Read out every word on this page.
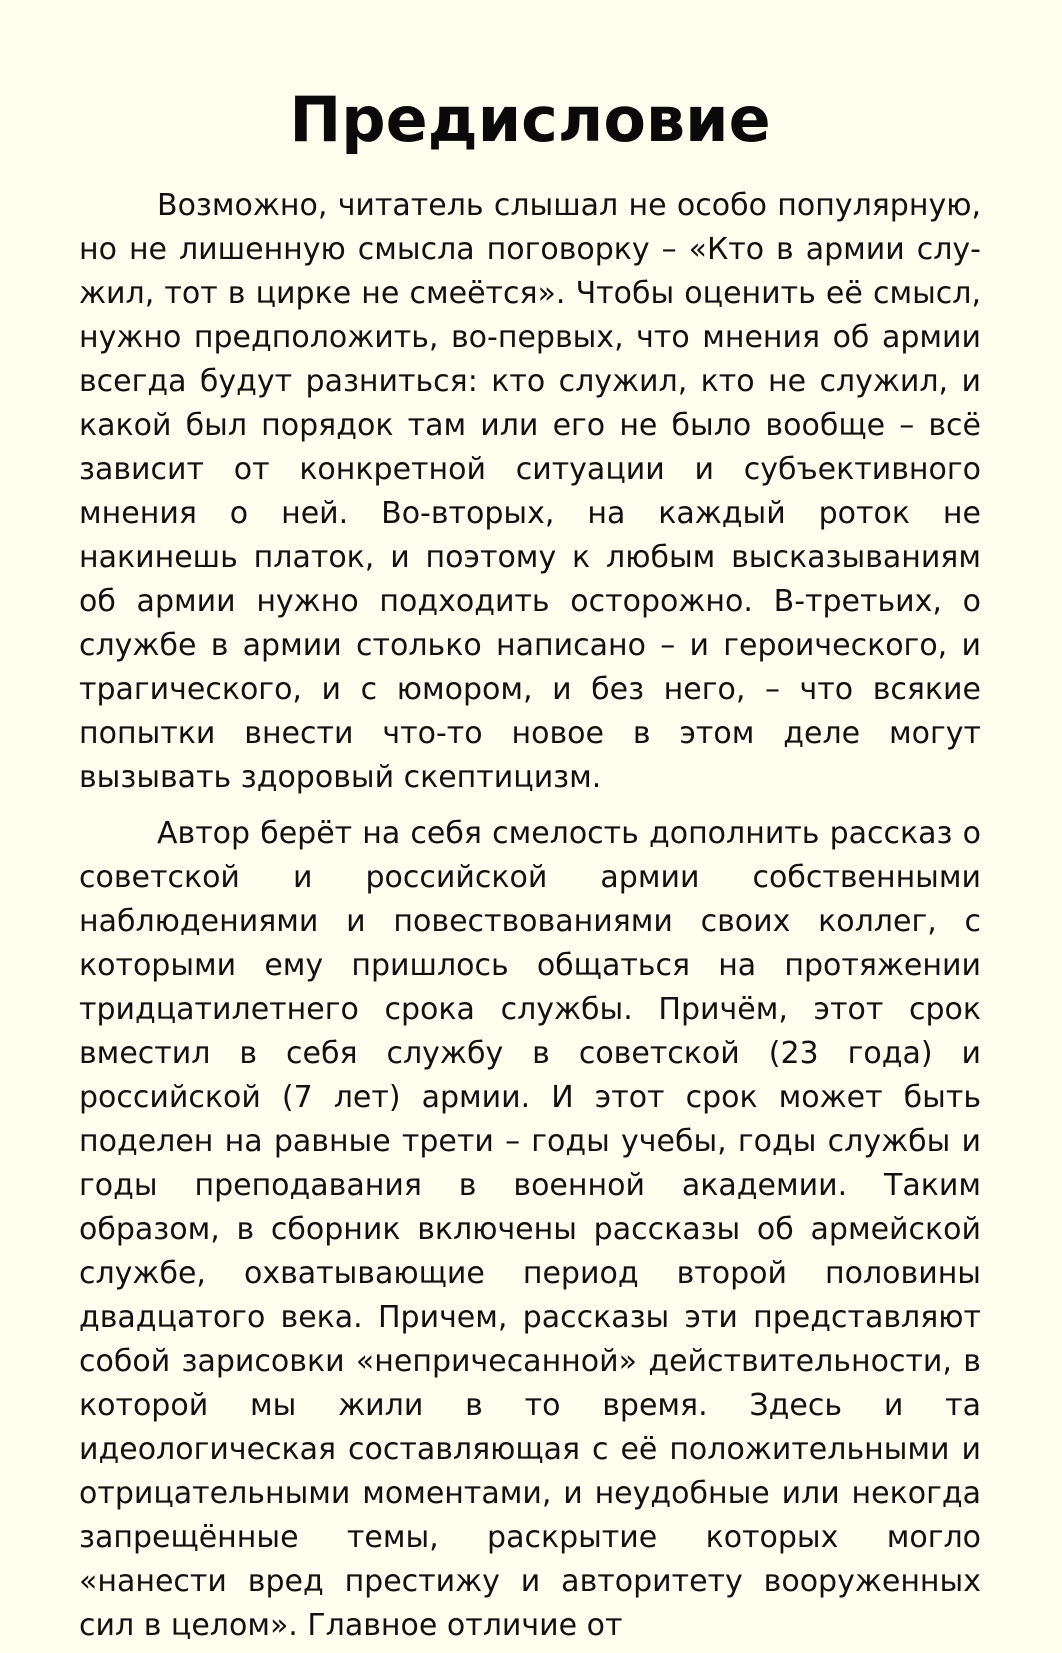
Предисловие

Возможно, читатель слышал не особо популярную, но не лишенную смысла поговорку – «Кто в армии служил, тот в цирке не смеётся». Чтобы оценить её смысл, нужно предположить, во-первых, что мнения об армии всегда будут разниться: кто служил, кто не служил, и какой был порядок там или его не было вообще – всё зависит от конкретной ситуации и субъективного мнения о ней. Во-вторых, на каждый роток не накинешь платок, и поэтому к любым высказываниям об армии нужно подходить осторожно. В-третьих, о службе в армии столько написано – и героического, и трагического, и с юмором, и без него, – что всякие попытки внести что-то новое в этом деле могут вызывать здоровый скептицизм.

Автор берёт на себя смелость дополнить рассказ о советской и российской армии собственными наблюдениями и повествованиями своих коллег, с которыми ему пришлось общаться на протяжении тридцатилетнего срока службы. Причём, этот срок вместил в себя службу в советской (23 года) и российской (7 лет) армии. И этот срок может быть поделен на равные трети – годы учебы, годы службы и годы преподавания в военной академии. Таким образом, в сборник включены рассказы об армейской службе, охватывающие период второй половины двадцатого века. Причем, рассказы эти представляют собой зарисовки «непричесанной» действительности, в которой мы жили в то время. Здесь и та идеологическая составляющая с её положительными и отрицательными моментами, и неудобные или некогда запрещённые темы, раскрытие которых могло «нанести вред престижу и авторитету вооруженных сил в целом». Главное отличие от
